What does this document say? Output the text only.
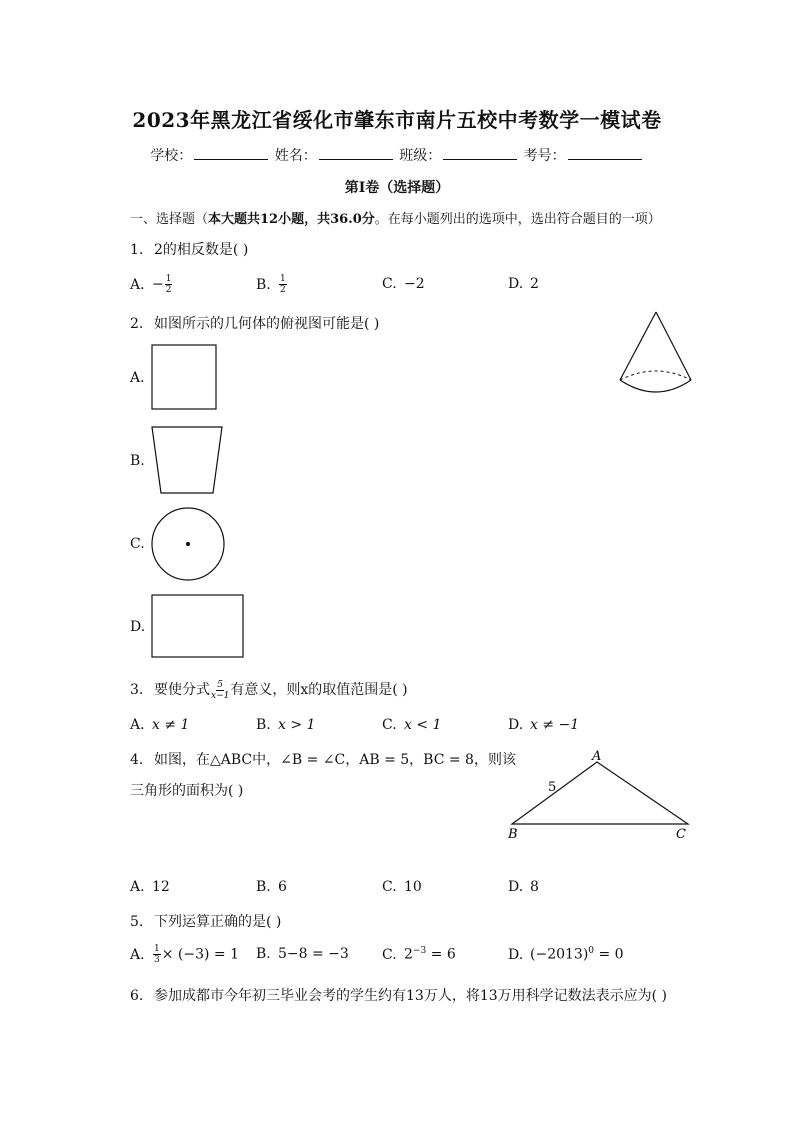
2023年黑龙江省绥化市肇东市南片五校中考数学一模试卷
学校：	姓名：	班级：	考号：
第Ⅰ卷（选择题）
一、选择题（本大题共12小题，共36.0分。在每小题列出的选项中，选出符合题目的一项）
1. 2的相反数是( )
A. − $\frac{1}{2}$	B. $\frac{1}{2}$	C. −2	D. 2
2. 如图所示的几何体的俯视图可能是( )
A.
B.
C.
D.
3. 要使分式 $\frac{5}{x-1}$ 有意义，则x的取值范围是( )
A. x ≠ 1	B. x > 1	C. x < 1	D. x ≠ −1
4. 如图，在△ABC中，∠B = ∠C，AB = 5，BC = 8，则该
三角形的面积为( )
A
B	C
5
A. 12	B. 6	C. 10	D. 8
5. 下列运算正确的是( )
A. $\frac{1}{3} \times (-3) = 1$ B. 5−8 = −3 C. $2^{-3} = 6$	D. $(-2013)^0 = 0$
6. 参加成都市今年初三毕业会考的学生约有13万人，将13万用科学记数法表示应为( )
